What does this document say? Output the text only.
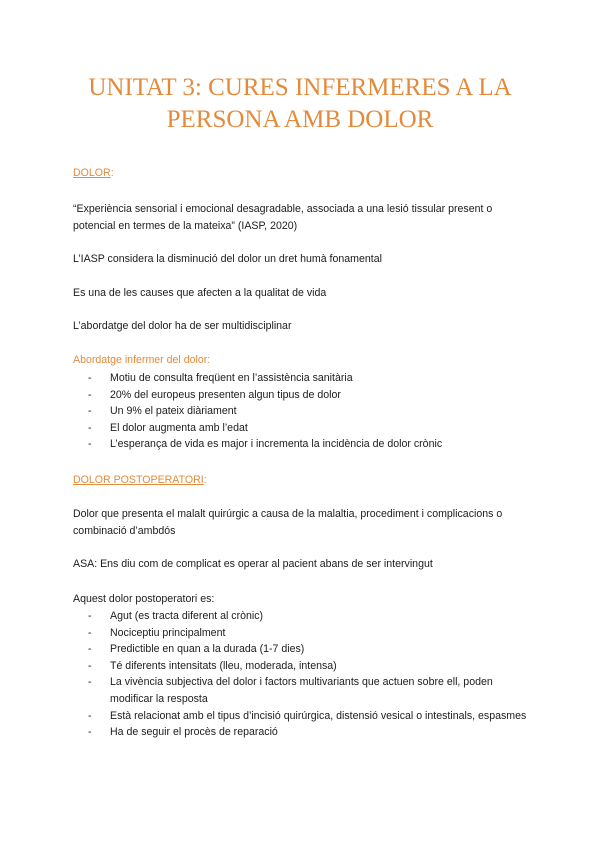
UNITAT 3: CURES INFERMERES A LA
PERSONA AMB DOLOR

DOLOR:

“Experiència sensorial i emocional desagradable, associada a una lesió tissular present o potencial en termes de la mateixa” (IASP, 2020)

L’IASP considera la disminució del dolor un dret humà fonamental

Es una de les causes que afecten a la qualitat de vida

L’abordatge del dolor ha de ser multidisciplinar

Abordatge infermer del dolor:

- Motiu de consulta freqüent en l’assistència sanitària
- 20% del europeus presenten algun tipus de dolor
- Un 9% el pateix diàriament
- El dolor augmenta amb l’edat
- L’esperança de vida es major i incrementa la incidència de dolor crònic

DOLOR POSTOPERATORI:

Dolor que presenta el malalt quirúrgic a causa de la malaltia, procediment i complicacions o combinació d’ambdós

ASA: Ens diu com de complicat es operar al pacient abans de ser intervingut

Aquest dolor postoperatori es:

- Agut (es tracta diferent al crònic)
- Nociceptiu principalment
- Predictible en quan a la durada (1-7 dies)
- Té diferents intensitats (lleu, moderada, intensa)
- La vivència subjectiva del dolor i factors multivariants que actuen sobre ell, poden modificar la resposta
- Està relacionat amb el tipus d’incisió quirúrgica, distensió vesical o intestinals, espasmes
- Ha de seguir el procès de reparació
